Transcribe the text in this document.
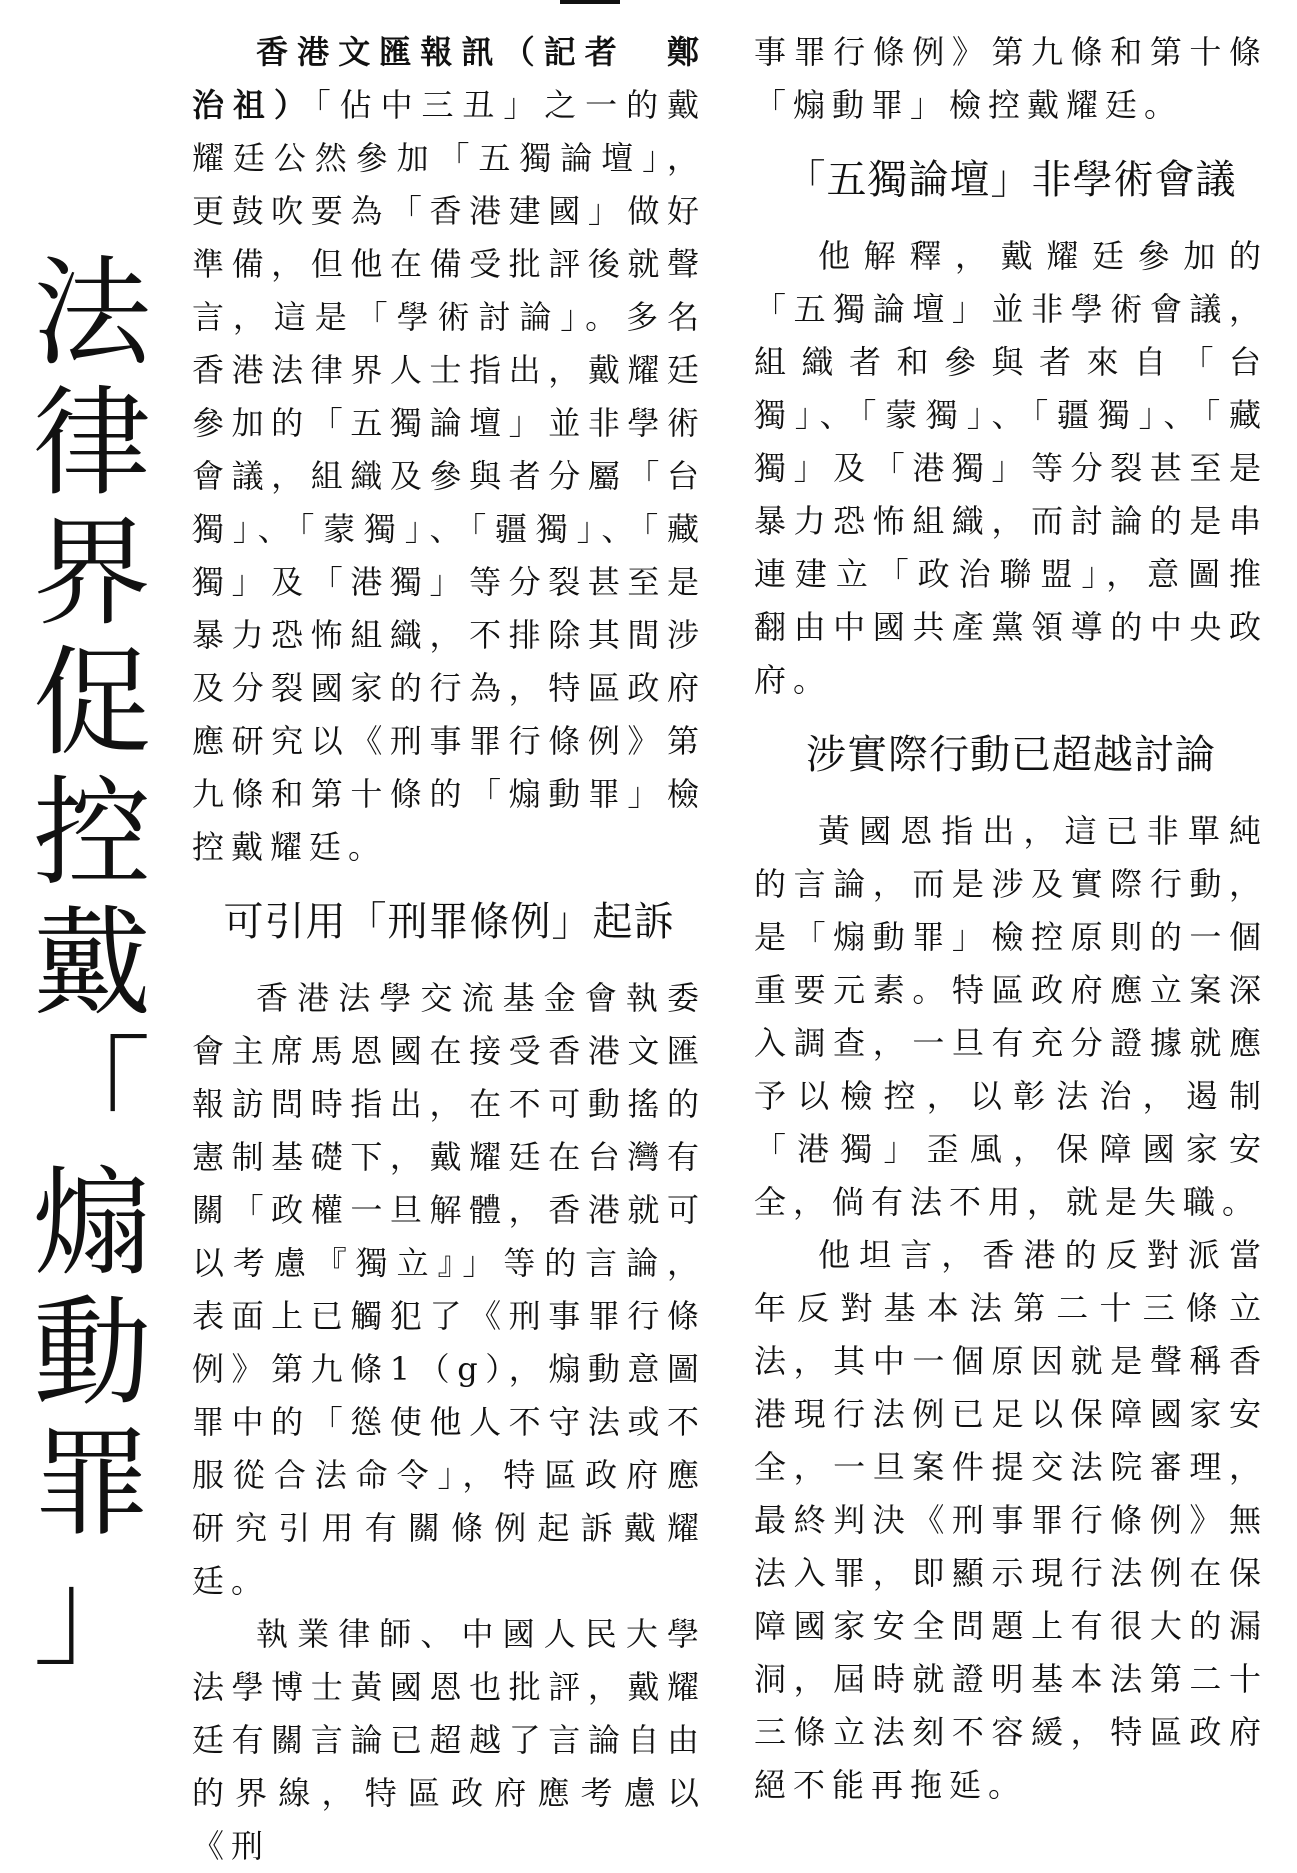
法
律
界
促
控
戴
「
煽
動
罪
」

香港文匯報訊（記者　鄭治祖）「佔中三丑」之一的戴耀廷公然參加「五獨論壇」，更鼓吹要為「香港建國」做好準備，但他在備受批評後就聲言，這是「學術討論」。多名香港法律界人士指出，戴耀廷參加的「五獨論壇」並非學術會議，組織及參與者分屬「台獨」、「蒙獨」、「疆獨」、「藏獨」及「港獨」等分裂甚至是暴力恐怖組織，不排除其間涉及分裂國家的行為，特區政府應研究以《刑事罪行條例》第九條和第十條的「煽動罪」檢控戴耀廷。

可引用「刑罪條例」起訴

香港法學交流基金會執委會主席馬恩國在接受香港文匯報訪問時指出，在不可動搖的憲制基礎下，戴耀廷在台灣有關「政權一旦解體，香港就可以考慮『獨立』」等的言論，表面上已觸犯了《刑事罪行條例》第九條1（g），煽動意圖罪中的「慫使他人不守法或不服從合法命令」，特區政府應研究引用有關條例起訴戴耀廷。

執業律師、中國人民大學法學博士黃國恩也批評，戴耀廷有關言論已超越了言論自由的界線，特區政府應考慮以《刑

事罪行條例》第九條和第十條「煽動罪」檢控戴耀廷。

「五獨論壇」非學術會議

他解釋，戴耀廷參加的「五獨論壇」並非學術會議，組織者和參與者來自「台獨」、「蒙獨」、「疆獨」、「藏獨」及「港獨」等分裂甚至是暴力恐怖組織，而討論的是串連建立「政治聯盟」，意圖推翻由中國共產黨領導的中央政府。

涉實際行動已超越討論

黃國恩指出，這已非單純的言論，而是涉及實際行動，是「煽動罪」檢控原則的一個重要元素。特區政府應立案深入調查，一旦有充分證據就應予以檢控，以彰法治，遏制「港獨」歪風，保障國家安全，倘有法不用，就是失職。

他坦言，香港的反對派當年反對基本法第二十三條立法，其中一個原因就是聲稱香港現行法例已足以保障國家安全，一旦案件提交法院審理，最終判決《刑事罪行條例》無法入罪，即顯示現行法例在保障國家安全問題上有很大的漏洞，屆時就證明基本法第二十三條立法刻不容緩，特區政府絕不能再拖延。
